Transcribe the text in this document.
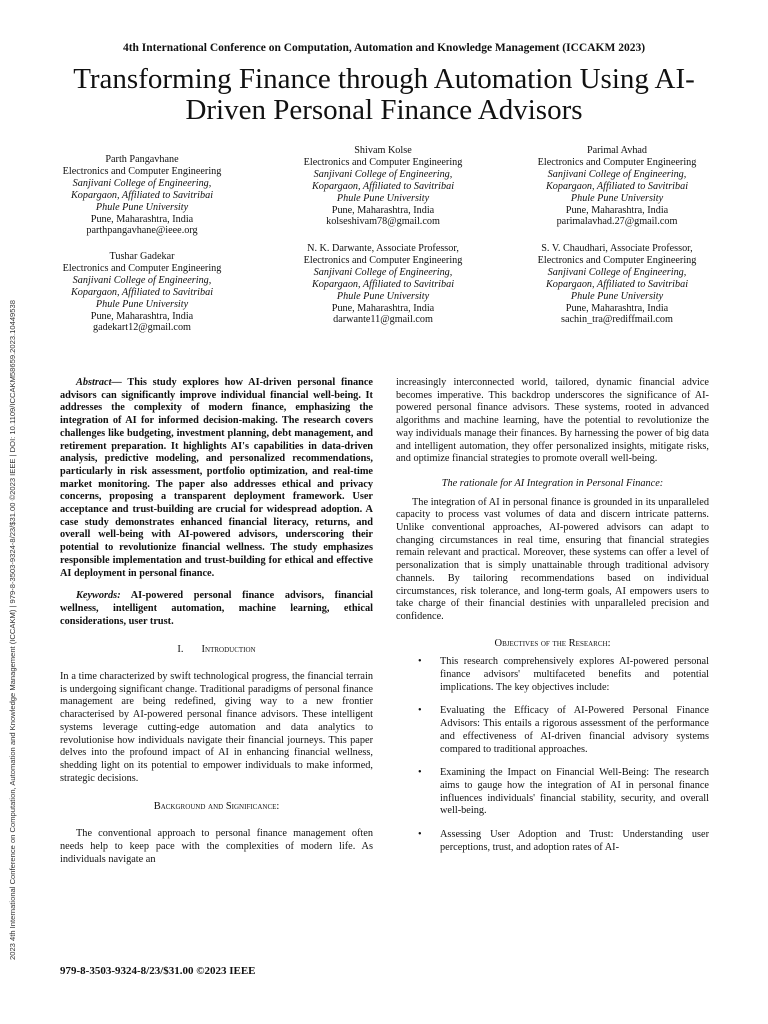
4th International Conference on Computation, Automation and Knowledge Management (ICCAKM 2023)
Transforming Finance through Automation Using AI-Driven Personal Finance Advisors
2023 4th International Conference on Computation, Automation and Knowledge Management (ICCAKM) | 979-8-3503-9324-8/23/$31.00 ©2023 IEEE | DOI: 10.1109/ICCAKM58659.2023.10449538
Parth Pangavhane
Electronics and Computer Engineering
Sanjivani College of Engineering,
Kopargaon, Affiliated to Savitribai
Phule Pune University
Pune, Maharashtra, India
parthpangavhane@ieee.org
Shivam Kolse
Electronics and Computer Engineering
Sanjivani College of Engineering,
Kopargaon, Affiliated to Savitribai
Phule Pune University
Pune, Maharashtra, India
kolseshivam78@gmail.com
Parimal Avhad
Electronics and Computer Engineering
Sanjivani College of Engineering,
Kopargaon, Affiliated to Savitribai
Phule Pune University
Pune, Maharashtra, India
parimalavhad.27@gmail.com
Tushar Gadekar
Electronics and Computer Engineering
Sanjivani College of Engineering,
Kopargaon, Affiliated to Savitribai
Phule Pune University
Pune, Maharashtra, India
gadekart12@gmail.com
N. K. Darwante, Associate Professor,
Electronics and Computer Engineering
Sanjivani College of Engineering,
Kopargaon, Affiliated to Savitribai
Phule Pune University
Pune, Maharashtra, India
darwante11@gmail.com
S. V. Chaudhari, Associate Professor,
Electronics and Computer Engineering
Sanjivani College of Engineering,
Kopargaon, Affiliated to Savitribai
Phule Pune University
Pune, Maharashtra, India
sachin_tra@rediffmail.com

Abstract— This study explores how AI-driven personal finance advisors can significantly improve individual financial well-being. It addresses the complexity of modern finance, emphasizing the integration of AI for informed decision-making. The research covers challenges like budgeting, investment planning, debt management, and retirement preparation. It highlights AI's capabilities in data-driven analysis, predictive modeling, and personalized recommendations, particularly in risk assessment, portfolio optimization, and real-time market monitoring. The paper also addresses ethical and privacy concerns, proposing a transparent deployment framework. User acceptance and trust-building are crucial for widespread adoption. A case study demonstrates enhanced financial literacy, returns, and overall well-being with AI-powered advisors, underscoring their potential to revolutionize financial wellness. The study emphasizes responsible implementation and trust-building for ethical and effective AI deployment in personal finance.

Keywords: AI-powered personal finance advisors, financial wellness, intelligent automation, machine learning, ethical considerations, user trust.

I. Introduction

In a time characterized by swift technological progress, the financial terrain is undergoing significant change. Traditional paradigms of personal finance management are being redefined, giving way to a new frontier characterised by AI-powered personal finance advisors. These intelligent systems leverage cutting-edge automation and data analytics to revolutionise how individuals navigate their financial journeys. This paper delves into the profound impact of AI in enhancing financial wellness, shedding light on its potential to empower individuals to make informed, strategic decisions.

Background and Significance:

The conventional approach to personal finance management often needs help to keep pace with the complexities of modern life. As individuals navigate an

increasingly interconnected world, tailored, dynamic financial advice becomes imperative. This backdrop underscores the significance of AI-powered personal finance advisors. These systems, rooted in advanced algorithms and machine learning, have the potential to revolutionize the way individuals manage their finances. By harnessing the power of big data and intelligent automation, they offer personalized insights, mitigate risks, and optimize financial strategies to promote overall well-being.

The rationale for AI Integration in Personal Finance:

The integration of AI in personal finance is grounded in its unparalleled capacity to process vast volumes of data and discern intricate patterns. Unlike conventional approaches, AI-powered advisors can adapt to changing circumstances in real time, ensuring that financial strategies remain relevant and practical. Moreover, these systems can offer a level of personalization that is simply unattainable through traditional advisory channels. By tailoring recommendations based on individual circumstances, risk tolerance, and long-term goals, AI empowers users to take charge of their financial destinies with unparalleled precision and confidence.

Objectives of the Research:

• This research comprehensively explores AI-powered personal finance advisors' multifaceted benefits and potential implications. The key objectives include:
• Evaluating the Efficacy of AI-Powered Personal Finance Advisors: This entails a rigorous assessment of the performance and effectiveness of AI-driven financial advisory systems compared to traditional approaches.
• Examining the Impact on Financial Well-Being: The research aims to gauge how the integration of AI in personal finance influences individuals' financial stability, security, and overall well-being.
• Assessing User Adoption and Trust: Understanding user perceptions, trust, and adoption rates of AI-
979-8-3503-9324-8/23/$31.00 ©2023 IEEE
